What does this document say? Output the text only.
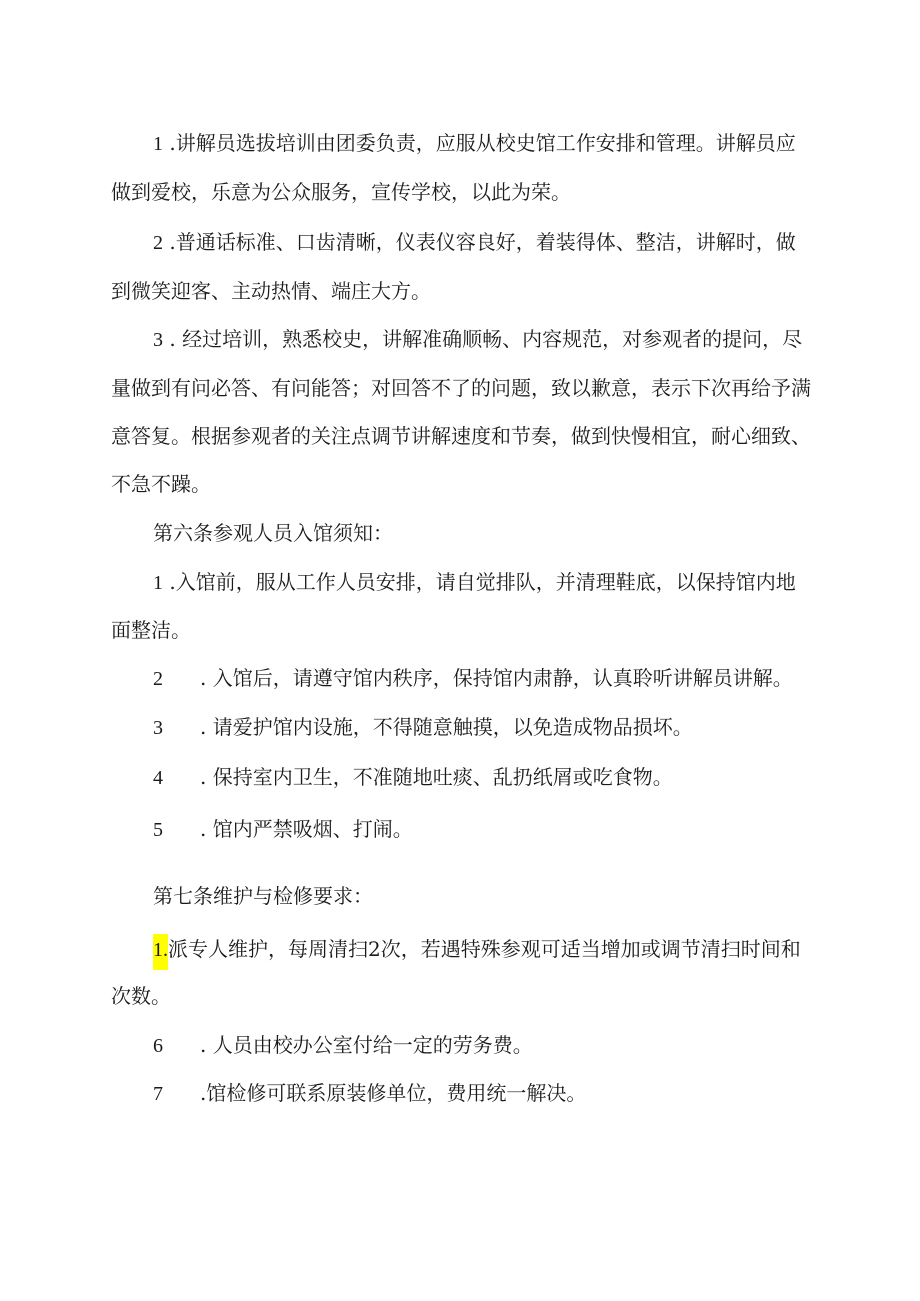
1 .讲解员选拔培训由团委负责，应服从校史馆工作安排和管理。讲解员应
做到爱校，乐意为公众服务，宣传学校，以此为荣。
2 .普通话标准、口齿清晰，仪表仪容良好，着装得体、整洁，讲解时，做
到微笑迎客、主动热情、端庄大方。
3 . 经过培训，熟悉校史，讲解准确顺畅、内容规范，对参观者的提问，尽
量做到有问必答、有问能答；对回答不了的问题，致以歉意，表示下次再给予满
意答复。根据参观者的关注点调节讲解速度和节奏，做到快慢相宜，耐心细致、
不急不躁。
第六条参观人员入馆须知：
1 .入馆前，服从工作人员安排，请自觉排队，并清理鞋底，以保持馆内地
面整洁。
2 . 入馆后，请遵守馆内秩序，保持馆内肃静，认真聆听讲解员讲解。
3 . 请爱护馆内设施，不得随意触摸，以免造成物品损坏。
4 . 保持室内卫生，不准随地吐痰、乱扔纸屑或吃食物。
5 . 馆内严禁吸烟、打闹。
第七条维护与检修要求：
1.派专人维护，每周清扫2次，若遇特殊参观可适当增加或调节清扫时间和
次数。
6 . 人员由校办公室付给一定的劳务费。
7 .馆检修可联系原装修单位，费用统一解决。
